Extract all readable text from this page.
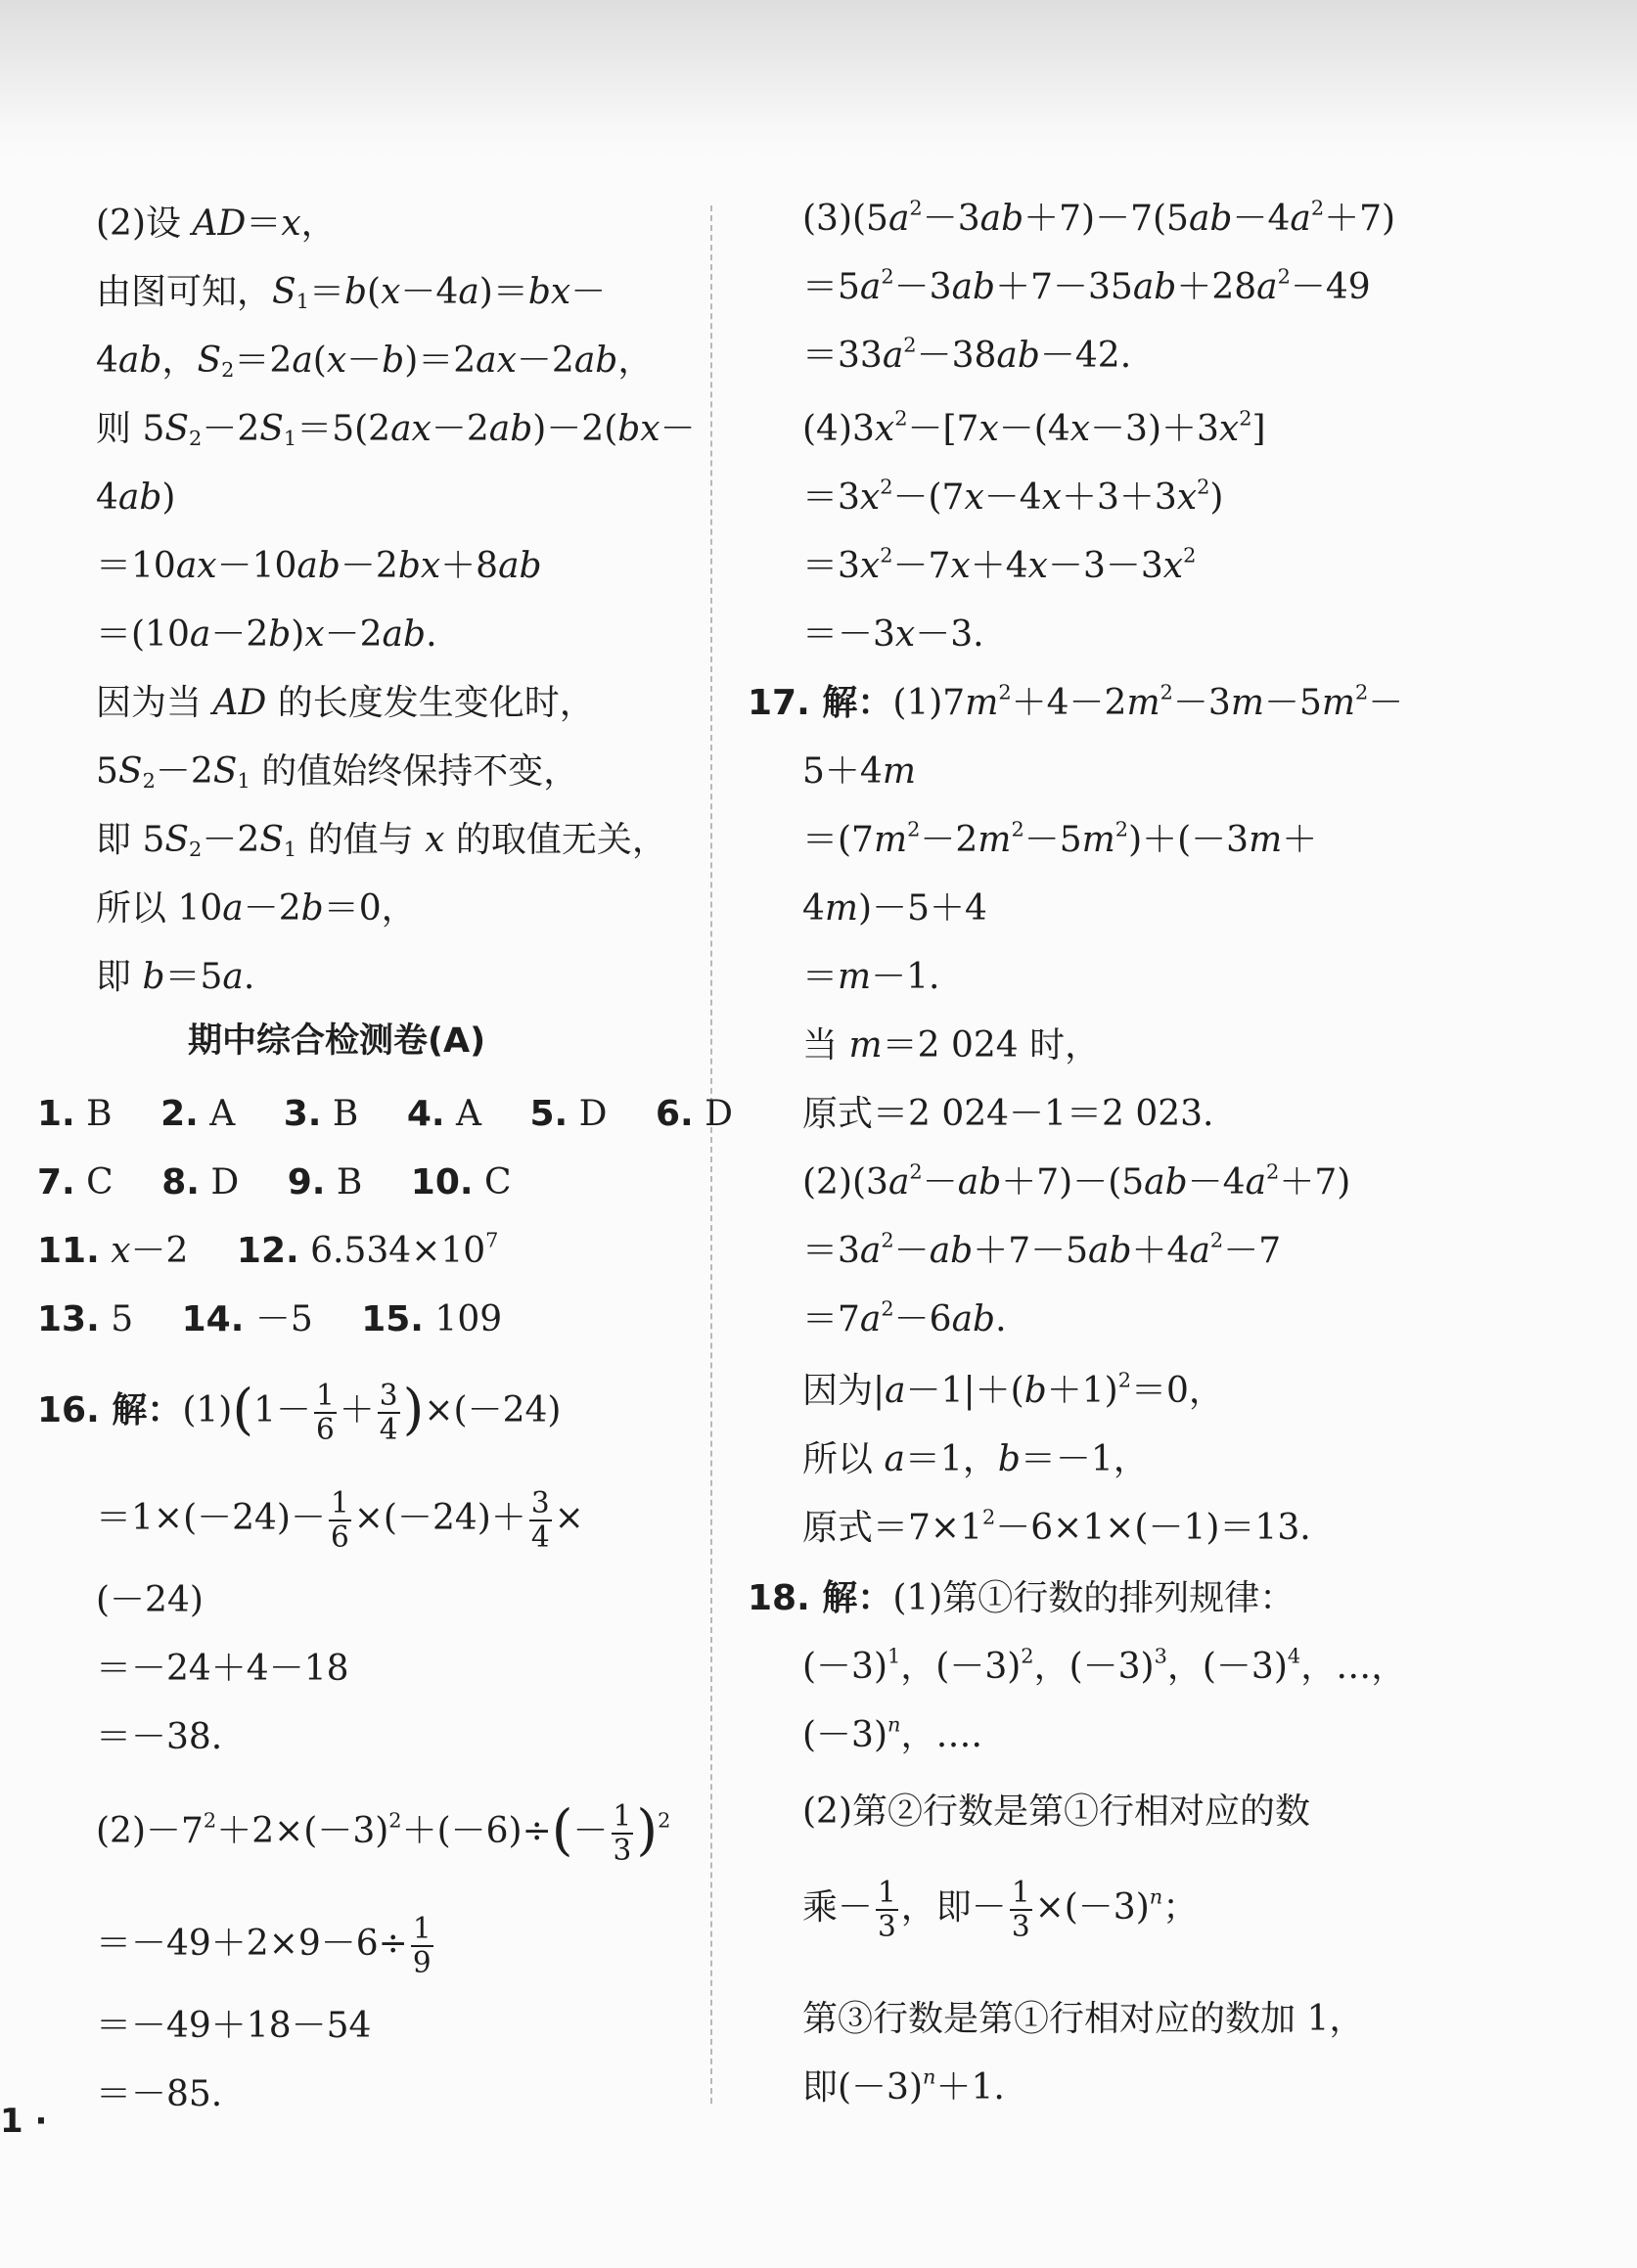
(2)设 AD＝x，
由图可知，$S_1=b(x-4a)=bx-$
4ab，$S_2=2a(x-b)=2ax-2ab$，
则 $5S_2-2S_1=5(2ax-2ab)-2(bx-$
4ab)
＝10ax－10ab－2bx＋8ab
＝(10a－2b)x－2ab.
因为当 AD 的长度发生变化时，
$5S_2-2S_1$ 的值始终保持不变，
即 $5S_2-2S_1$ 的值与 x 的取值无关，
所以 10a－2b＝0，
即 b＝5a.
期中综合检测卷(A)
1. B 2. A 3. B 4. A 5. D 6. D
7. C 8. D 9. B 10. C
11. x－2 12. $6.534\times 10^7$
13. 5 14. －5 15. 109
16. 解：$(1)(1- \frac{1}{6} + \frac{3}{4} )\times(-24)$
$=1\times(-24)- \frac{1}{6} \times(-24)+ \frac{3}{4}$ ×
(－24)
＝－24＋4－18
＝－38.
$(2)-7^2+2\times(-3)^2+(-6)\div(- \frac{1}{3} )^2$
$=-49+2\times 9-6\div \frac{1}{9}$
＝－49＋18－54
＝－85.
$(3)(5a^2-3ab+7)-7(5ab-4a^2+7)$
$=5a^2-3ab+7-35ab+28a^2-49$
$=33a^2-38ab-42$.
$(4)3x^2-[7x-(4x-3)+3x^2]$
$=3x^2-(7x-4x+3+3x^2)$
$=3x^2-7x+4x-3-3x^2$
＝－3x－3.
17. 解：$(1)7m^2+4-2m^2-3m-5m^2-$
5＋4m
$=(7m^2-2m^2-5m^2)+(-3m+$
4m)－5＋4
＝m－1.
当 m＝2 024 时，
原式＝2 024－1＝2 023.
$(2)(3a^2-ab+7)-(5ab-4a^2+7)$
$=3a^2-ab+7-5ab+4a^2-7$
$=7a^2-6ab$.
因为$|a-1|+(b+1)^2=0$，
所以 a＝1，b＝－1，
原式$=7\times 1^2-6\times 1\times(-1)=13$.
18. 解：(1)第①行数的排列规律：
$(-3)^1$，$(-3)^2$，$(-3)^3$，$(-3)^4$，…，
$(-3)^n$，….
(2)第②行数是第①行相对应的数
乘－ $\frac{1}{3}$ ，即－ $\frac{1}{3} \times(-3)^n$；
第③行数是第①行相对应的数加 1，
即$(-3)^n+1$.
1 ·
